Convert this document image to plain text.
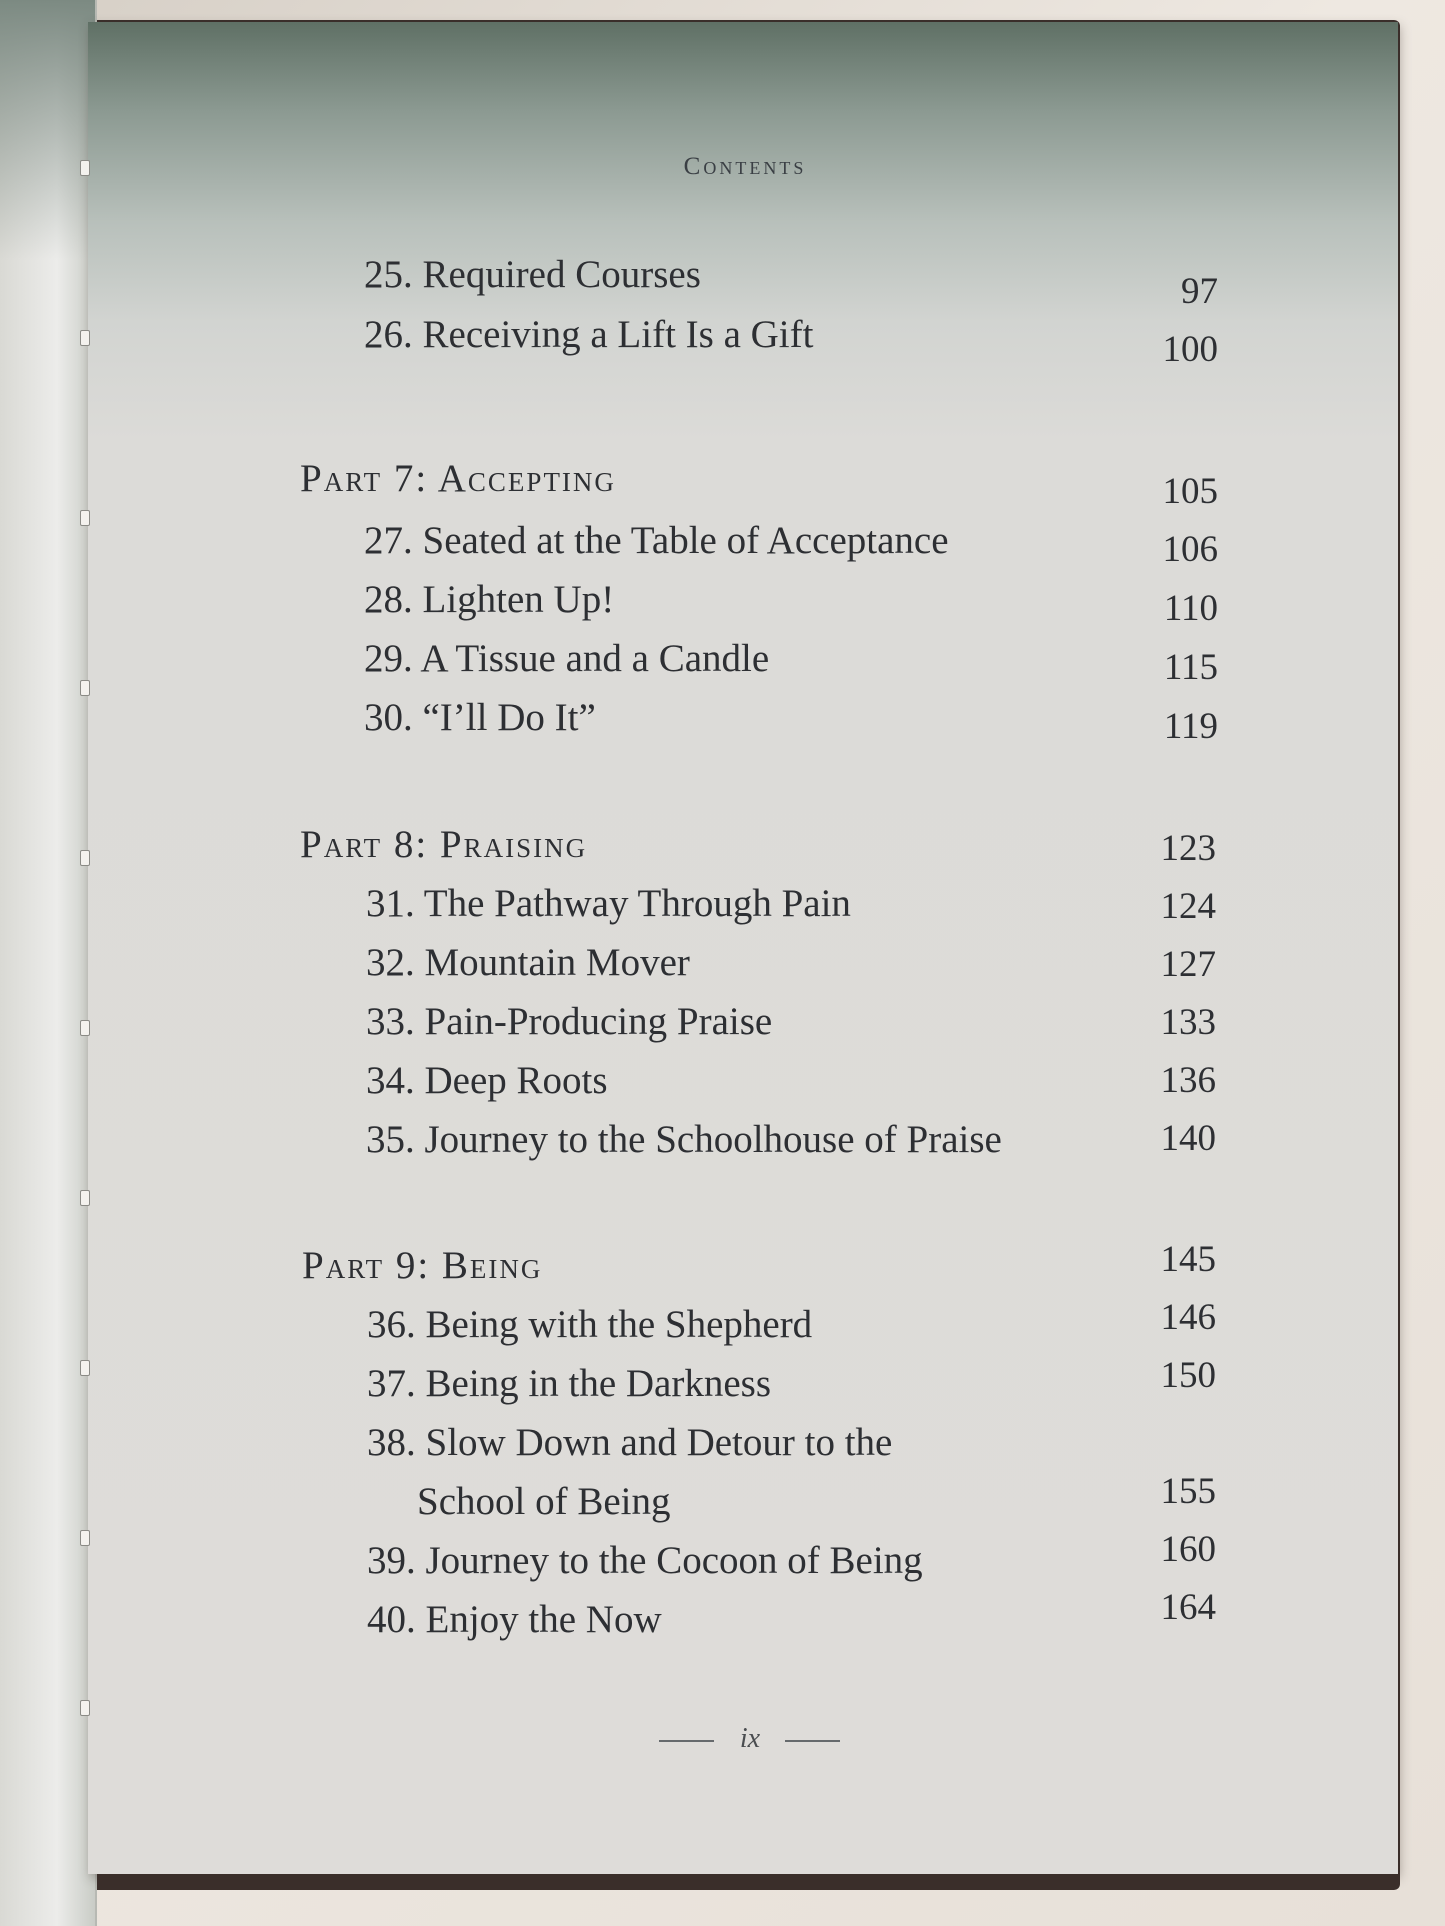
Contents
25. Required Courses	97
26. Receiving a Lift Is a Gift	100
Part 7: Accepting	105
27. Seated at the Table of Acceptance	106
28. Lighten Up!	110
29. A Tissue and a Candle	115
30. “I’ll Do It”	119
Part 8: Praising	123
31. The Pathway Through Pain	124
32. Mountain Mover	127
33. Pain-Producing Praise	133
34. Deep Roots	136
35. Journey to the Schoolhouse of Praise	140
Part 9: Being	145
36. Being with the Shepherd	146
37. Being in the Darkness	150
38. Slow Down and Detour to the
School of Being	155
39. Journey to the Cocoon of Being	160
40. Enjoy the Now	164
ix
